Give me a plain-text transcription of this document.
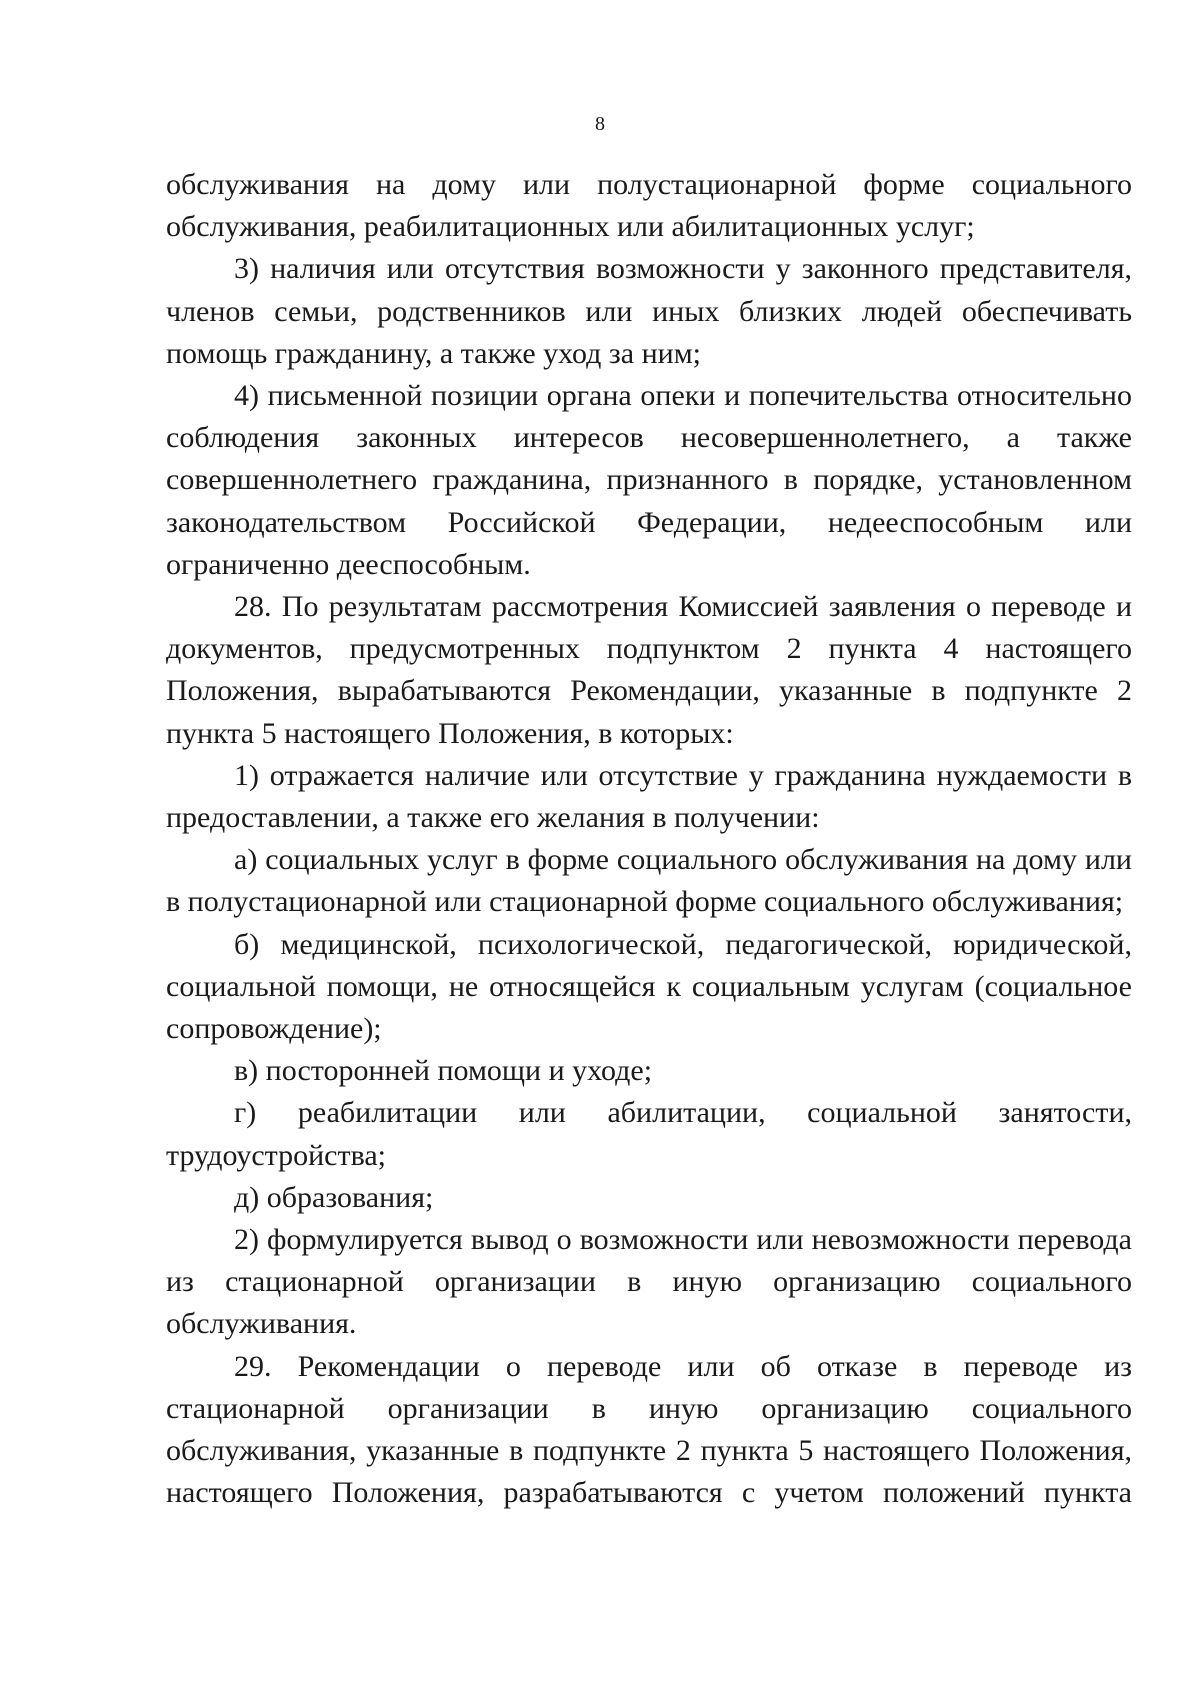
8

обслуживания на дому или полустационарной форме социального обслуживания, реабилитационных или абилитационных услуг;

3) наличия или отсутствия возможности у законного представителя, членов семьи, родственников или иных близких людей обеспечивать помощь гражданину, а также уход за ним;

4) письменной позиции органа опеки и попечительства относительно соблюдения законных интересов несовершеннолетнего, а также совершеннолетнего гражданина, признанного в порядке, установленном законодательством Российской Федерации, недееспособным или ограниченно дееспособным.

28. По результатам рассмотрения Комиссией заявления о переводе и документов, предусмотренных подпунктом 2 пункта 4 настоящего Положения, вырабатываются Рекомендации, указанные в подпункте 2 пункта 5 настоящего Положения, в которых:

1) отражается наличие или отсутствие у гражданина нуждаемости в предоставлении, а также его желания в получении:

а) социальных услуг в форме социального обслуживания на дому или в полустационарной или стационарной форме социального обслуживания;

б) медицинской, психологической, педагогической, юридической, социальной помощи, не относящейся к социальным услугам (социальное сопровождение);

в) посторонней помощи и уходе;

г) реабилитации или абилитации, социальной занятости, трудоустройства;

д) образования;

2) формулируется вывод о возможности или невозможности перевода из стационарной организации в иную организацию социального обслуживания.

29. Рекомендации о переводе или об отказе в переводе из стационарной организации в иную организацию социального обслуживания, указанные в подпункте 2 пункта 5 настоящего Положения, настоящего Положения, разрабатываются с учетом положений пункта
